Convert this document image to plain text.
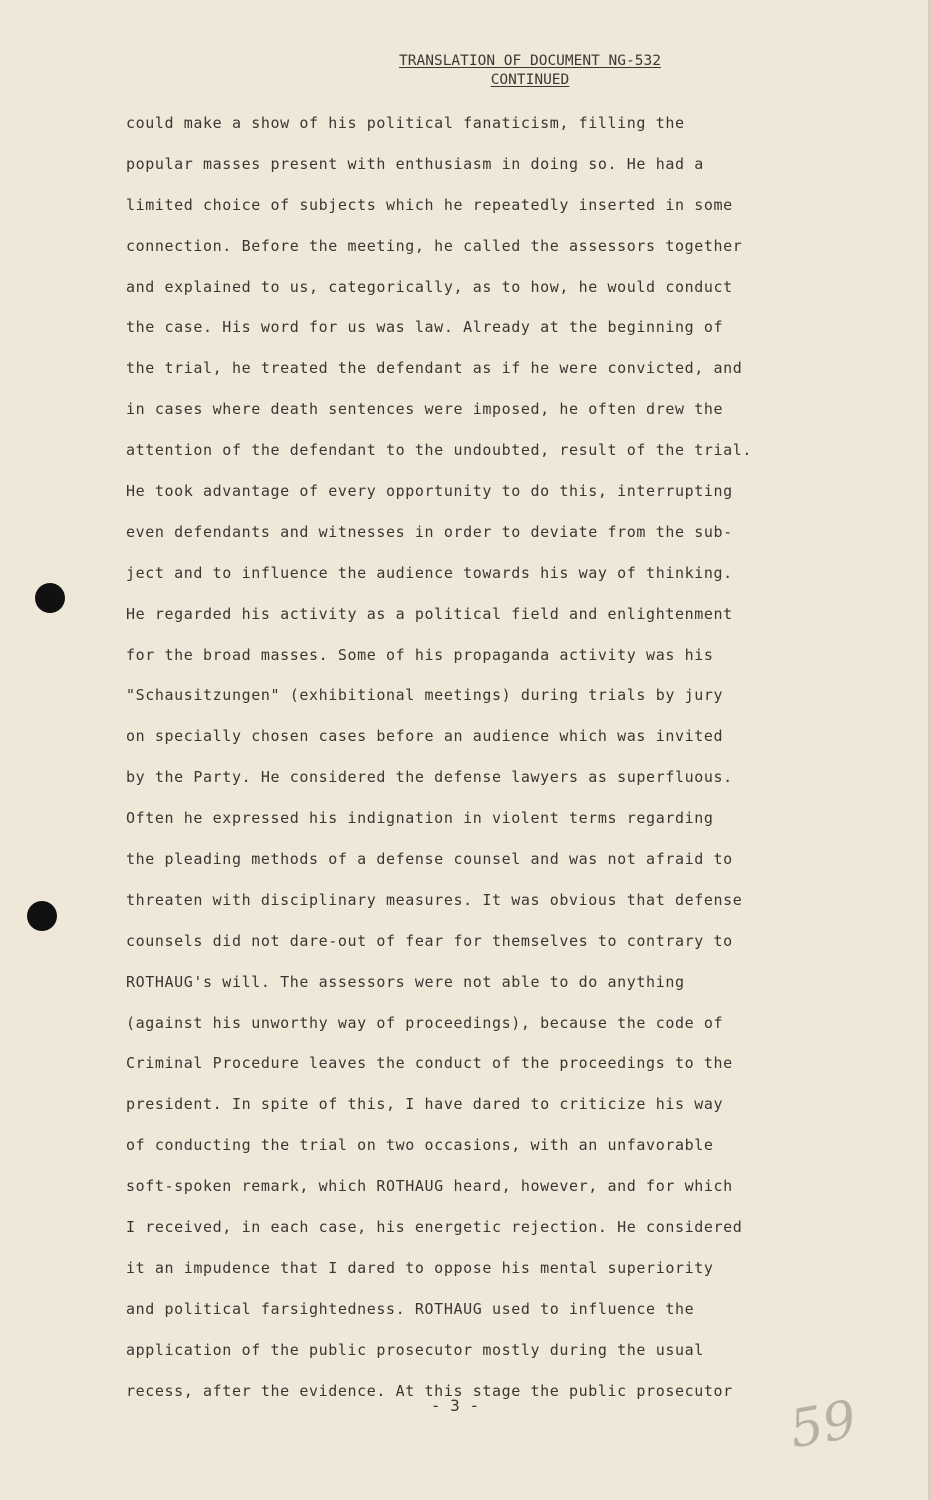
TRANSLATION OF DOCUMENT NG-532
CONTINUED
could make a show of his political fanaticism, filling the
popular masses present with enthusiasm in doing so. He had a
limited choice of subjects which he repeatedly inserted in some
connection. Before the meeting, he called the assessors together
and explained to us, categorically, as to how, he would conduct
the case. His word for us was law. Already at the beginning of
the trial, he treated the defendant as if he were convicted, and
in cases where death sentences were imposed, he often drew the
attention of the defendant to the undoubted, result of the trial.
He took advantage of every opportunity to do this, interrupting
even defendants and witnesses in order to deviate from the sub-
ject and to influence the audience towards his way of thinking.
He regarded his activity as a political field and enlightenment
for the broad masses. Some of his propaganda activity was his
"Schausitzungen" (exhibitional meetings) during trials by jury
on specially chosen cases before an audience which was invited
by the Party. He considered the defense lawyers as superfluous.
Often he expressed his indignation in violent terms regarding
the pleading methods of a defense counsel and was not afraid to
threaten with disciplinary measures. It was obvious that defense
counsels did not dare-out of fear for themselves to contrary to
ROTHAUG's will. The assessors were not able to do anything
(against his unworthy way of proceedings), because the code of
Criminal Procedure leaves the conduct of the proceedings to the
president. In spite of this, I have dared to criticize his way
of conducting the trial on two occasions, with an unfavorable
soft-spoken remark, which ROTHAUG heard, however, and for which
I received, in each case, his energetic rejection. He considered
it an impudence that I dared to oppose his mental superiority
and political farsightedness. ROTHAUG used to influence the
application of the public prosecutor mostly during the usual
recess, after the evidence. At this stage the public prosecutor
- 3 -	59
